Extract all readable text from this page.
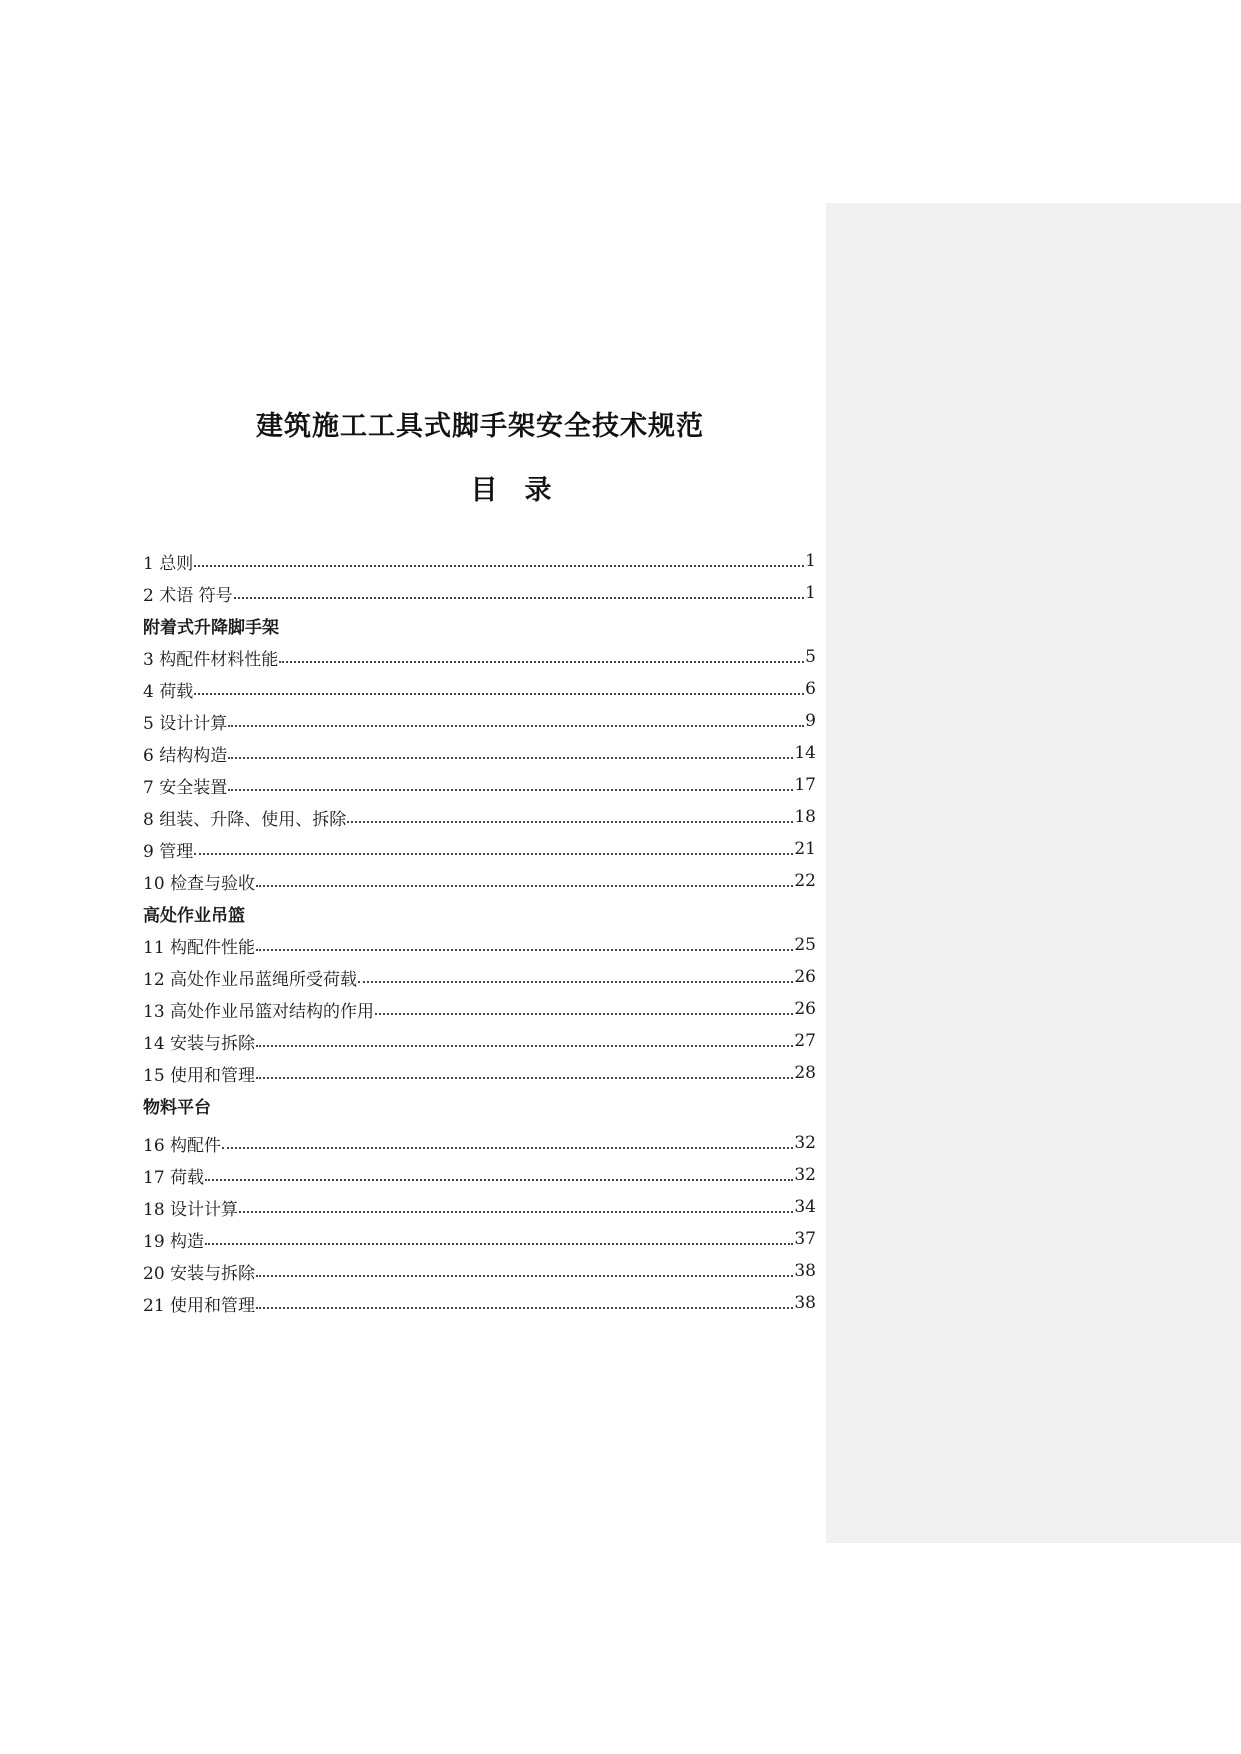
建筑施工工具式脚手架安全技术规范
目　录
1 总则	1
2 术语 符号	1
附着式升降脚手架
3 构配件材料性能	5
4 荷载	6
5 设计计算	9
6 结构构造	14
7 安全装置	17
8 组装、升降、使用、拆除	18
9 管理	21
10 检查与验收	22
高处作业吊篮
11 构配件性能	25
12 高处作业吊蓝绳所受荷载	26
13 高处作业吊篮对结构的作用	26
14 安装与拆除	27
15 使用和管理	28
物料平台
16 构配件	32
17 荷载	32
18 设计计算	34
19 构造	37
20 安装与拆除	38
21 使用和管理	38
